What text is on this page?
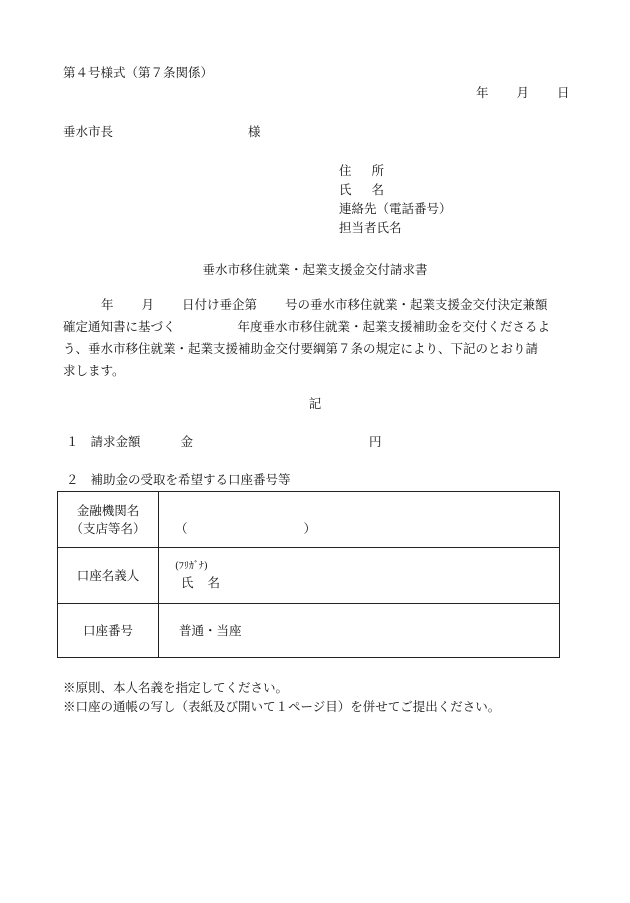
第４号様式（第７条関係）
年 月 日
垂水市長	様
住 所
氏 名
連絡先（電話番号）
担当者氏名
垂水市移住就業・起業支援金交付請求書

年 月 日付け垂企第 号の垂水市移住就業・起業支援金交付決定兼額

確定通知書に基づく	年度垂水市移住就業・起業支援補助金を交付くださるよ

う、垂水市移住就業・起業支援補助金交付要綱第７条の規定により、下記のとおり請

求します。

記
１ 請求金額	金	円
２ 補助金の受取を希望する口座番号等
金融機関名
（支店等名）	（ ）
口座名義人	(ﾌﾘｶﾞﾅ)
氏 名

口座番号	普通・当座
※原則、本人名義を指定してください。
※口座の通帳の写し（表紙及び開いて１ページ目）を併せてご提出ください。
